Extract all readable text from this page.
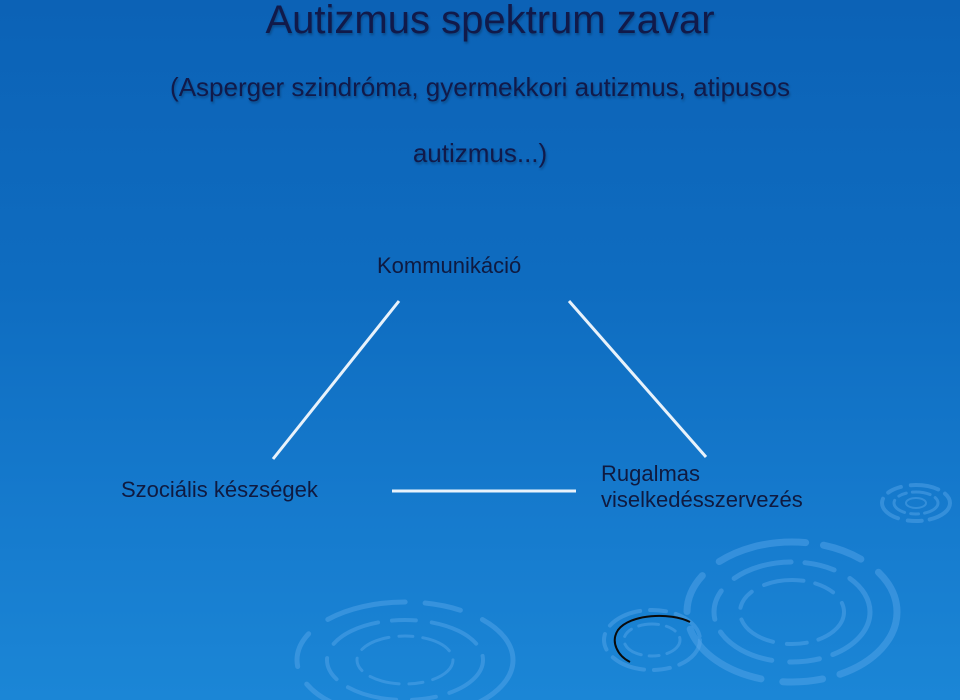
Autizmus spektrum zavar
(Asperger szindróma, gyermekkori autizmus, atipusos autizmus...)
Kommunikáció
Szociális készségek
Rugalmas
viselkedésszervezés
